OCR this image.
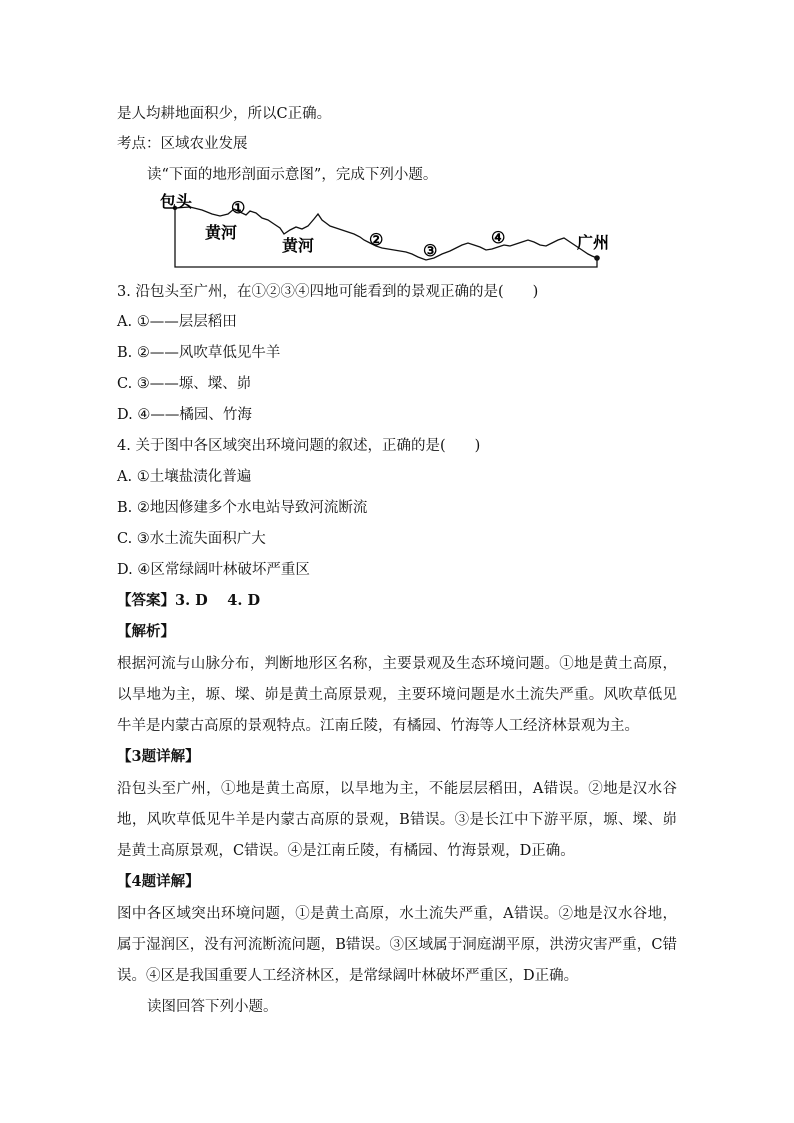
是人均耕地面积少，所以C正确。
考点：区域农业发展
读“下面的地形剖面示意图”，完成下列小题。
包头 ①
黄河
黄河	②
③
④	广州
3. 沿包头至广州，在①②③④四地可能看到的景观正确的是(　　)
A. ①——层层稻田
B. ②——风吹草低见牛羊
C. ③——塬、墚、峁
D. ④——橘园、竹海
4. 关于图中各区域突出环境问题的叙述，正确的是(　　)
A. ①土壤盐渍化普遍
B. ②地因修建多个水电站导致河流断流
C. ③水土流失面积广大
D. ④区常绿阔叶林破坏严重区
【答案】3. D　 4. D
【解析】
根据河流与山脉分布，判断地形区名称，主要景观及生态环境问题。①地是黄土高原，以旱地为主，塬、墚、峁是黄土高原景观，主要环境问题是水土流失严重。风吹草低见牛羊是内蒙古高原的景观特点。江南丘陵，有橘园、竹海等人工经济林景观为主。
【3题详解】
沿包头至广州，①地是黄土高原，以旱地为主，不能层层稻田，A错误。②地是汉水谷地，风吹草低见牛羊是内蒙古高原的景观，B错误。③是长江中下游平原，塬、墚、峁是黄土高原景观，C错误。④是江南丘陵，有橘园、竹海景观，D正确。
【4题详解】
图中各区域突出环境问题，①是黄土高原，水土流失严重，A错误。②地是汉水谷地，属于湿润区，没有河流断流问题，B错误。③区域属于洞庭湖平原，洪涝灾害严重，C错误。④区是我国重要人工经济林区，是常绿阔叶林破坏严重区，D正确。
读图回答下列小题。
